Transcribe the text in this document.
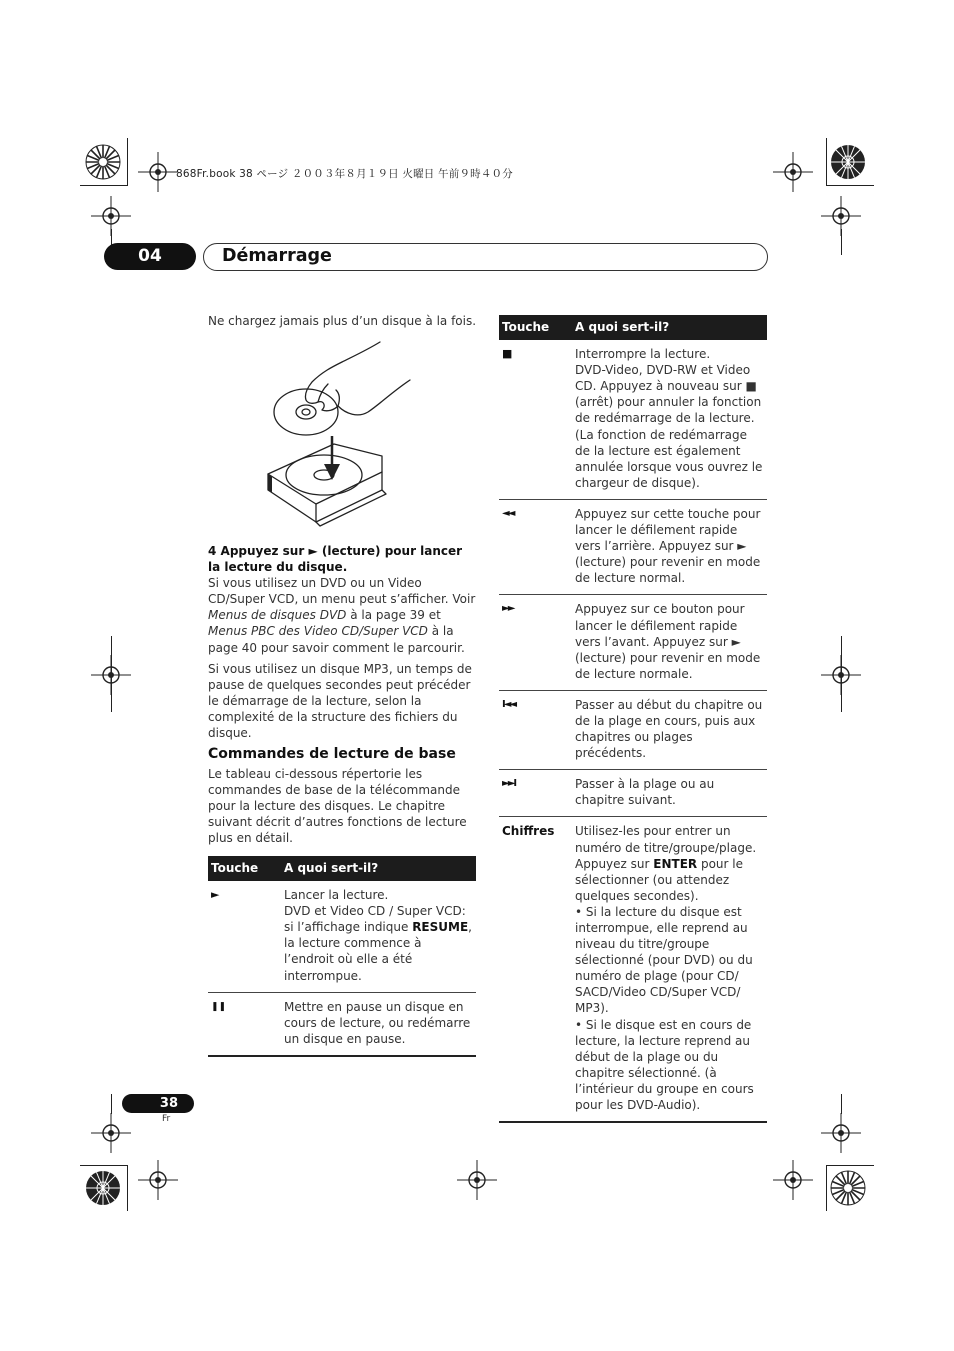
868Fr.book 38 ページ ２００３年８月１９日 火曜日 午前９時４０分
04	Démarrage
Ne chargez jamais plus d’un disque à la fois.
4 Appuyez sur ► (lecture) pour lancer la lecture du disque.
Si vous utilisez un DVD ou un Video CD/Super VCD, un menu peut s’afficher. Voir Menus de disques DVD à la page 39 et Menus PBC des Video CD/Super VCD à la page 40 pour savoir comment le parcourir.
Si vous utilisez un disque MP3, un temps de pause de quelques secondes peut précéder le démarrage de la lecture, selon la complexité de la structure des fichiers du disque.
Commandes de lecture de base
Le tableau ci-dessous répertorie les commandes de base de la télécommande pour la lecture des disques. Le chapitre suivant décrit d’autres fonctions de lecture plus en détail.
Touche	A quoi sert-il?
►	Lancer la lecture.
DVD et Video CD / Super VCD: si l’affichage indique RESUME, la lecture commence à l’endroit où elle a été interrompue.

❚❚	Mettre en pause un disque en cours de lecture, ou redémarre un disque en pause.
Touche	A quoi sert-il?
■	Interrompre la lecture.
DVD-Video, DVD-RW et Video CD. Appuyez à nouveau sur ■ (arrêt) pour annuler la fonction de redémarrage de la lecture. (La fonction de redémarrage de la lecture est également annulée lorsque vous ouvrez le chargeur de disque).

◄◄	Appuyez sur cette touche pour lancer le défilement rapide vers l’arrière. Appuyez sur ► (lecture) pour revenir en mode de lecture normal.
►►	Appuyez sur ce bouton pour lancer le défilement rapide vers l’avant. Appuyez sur ► (lecture) pour revenir en mode de lecture normale.
I◄◄	Passer au début du chapitre ou de la plage en cours, puis aux chapitres ou plages précédents.
►►I	Passer à la plage ou au chapitre suivant.
Chiffres	Utilisez-les pour entrer un numéro de titre/groupe/plage. Appuyez sur ENTER pour le sélectionner (ou attendez quelques secondes).
• Si la lecture du disque est interrompue, elle reprend au niveau du titre/groupe sélectionné (pour DVD) ou du numéro de plage (pour CD/ SACD/Video CD/Super VCD/ MP3).
• Si le disque est en cours de lecture, la lecture reprend au début de la plage ou du chapitre sélectionné. (à l’intérieur du groupe en cours pour les DVD-Audio).
38
Fr
